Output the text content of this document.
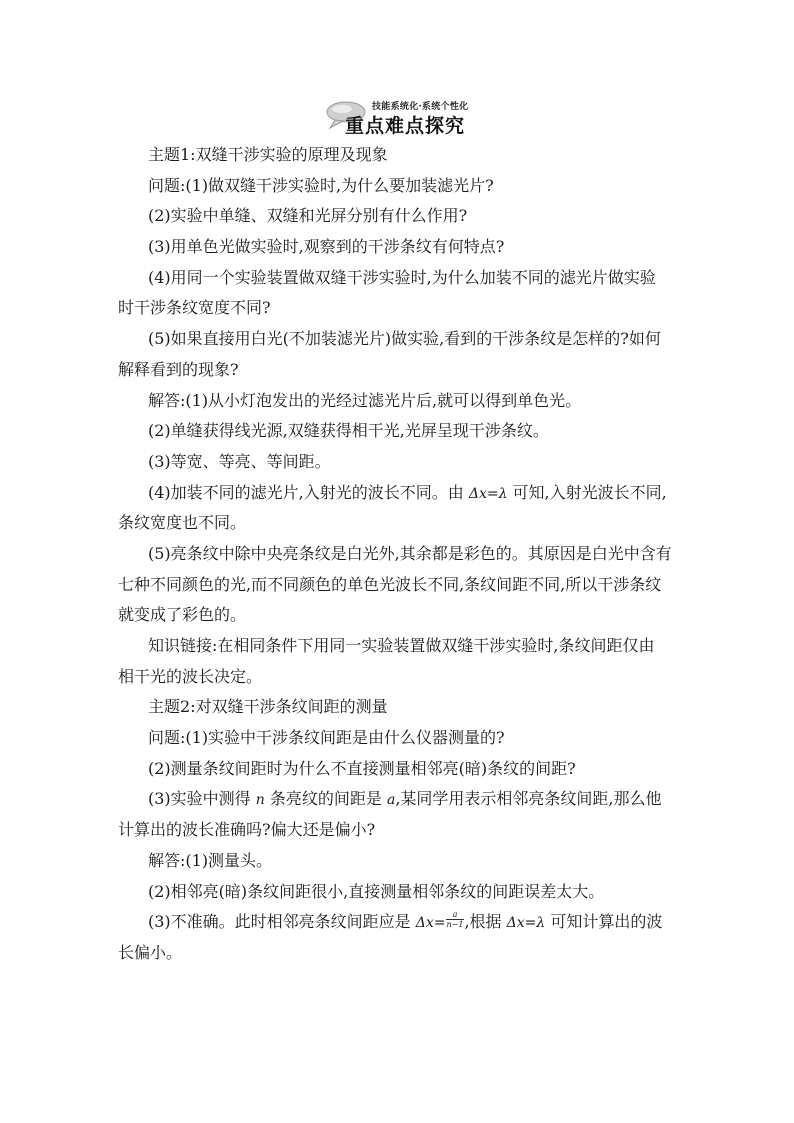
技能系统化·系统个性化
重点难点探究
主题1:双缝干涉实验的原理及现象
问题:(1)做双缝干涉实验时,为什么要加装滤光片?
(2)实验中单缝、双缝和光屏分别有什么作用?
(3)用单色光做实验时,观察到的干涉条纹有何特点?
(4)用同一个实验装置做双缝干涉实验时,为什么加装不同的滤光片做实验
时干涉条纹宽度不同?
(5)如果直接用白光(不加装滤光片)做实验,看到的干涉条纹是怎样的?如何
解释看到的现象?
解答:(1)从小灯泡发出的光经过滤光片后,就可以得到单色光。
(2)单缝获得线光源,双缝获得相干光,光屏呈现干涉条纹。
(3)等宽、等亮、等间距。
(4)加装不同的滤光片,入射光的波长不同。由 Δx=λ 可知,入射光波长不同,
条纹宽度也不同。
(5)亮条纹中除中央亮条纹是白光外,其余都是彩色的。其原因是白光中含有
七种不同颜色的光,而不同颜色的单色光波长不同,条纹间距不同,所以干涉条纹
就变成了彩色的。
知识链接:在相同条件下用同一实验装置做双缝干涉实验时,条纹间距仅由
相干光的波长决定。
主题2:对双缝干涉条纹间距的测量
问题:(1)实验中干涉条纹间距是由什么仪器测量的?
(2)测量条纹间距时为什么不直接测量相邻亮(暗)条纹的间距?
(3)实验中测得 n 条亮纹的间距是 a,某同学用表示相邻亮条纹间距,那么他
计算出的波长准确吗?偏大还是偏小?
解答:(1)测量头。
(2)相邻亮(暗)条纹间距很小,直接测量相邻条纹的间距误差太大。
(3)不准确。此时相邻亮条纹间距应是 $\Delta x= \frac{a}{n-1}$ ,根据 Δx=λ 可知计算出的波
长偏小。
